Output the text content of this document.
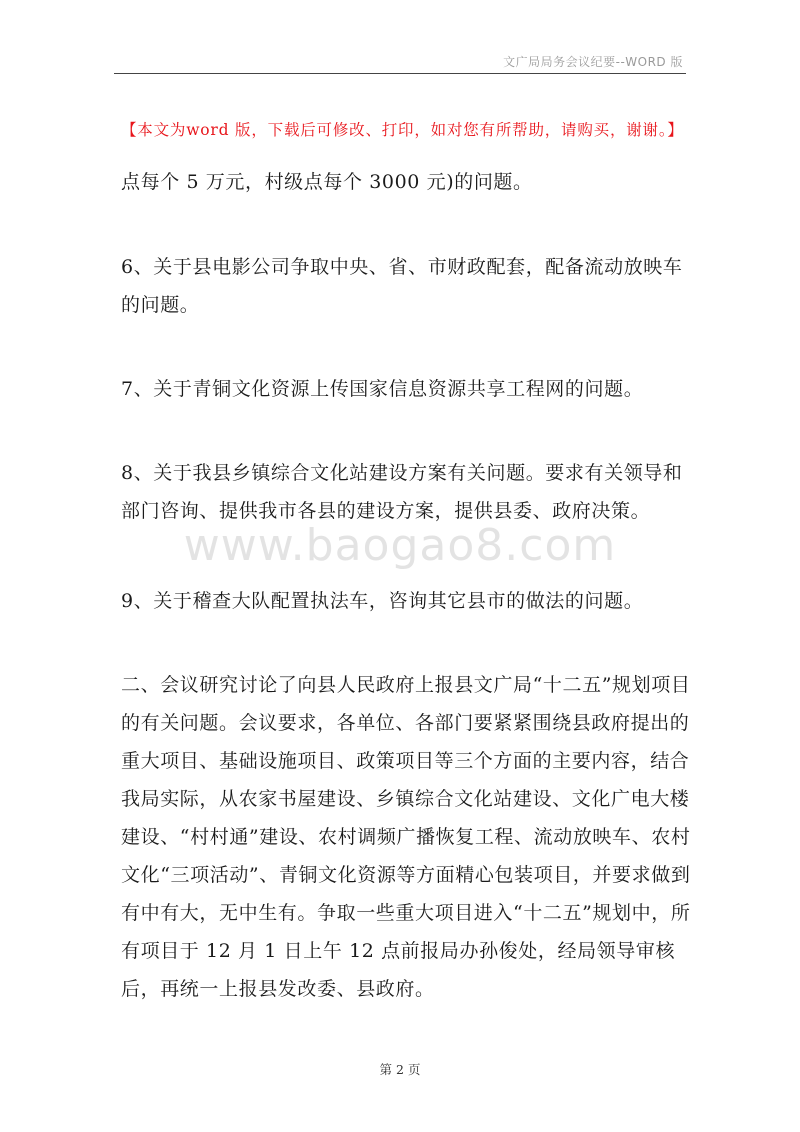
文广局局务会议纪要--WORD 版
【本文为word 版，下载后可修改、打印，如对您有所帮助，请购买，谢谢。】
www.baogao8.com
点每个 5 万元，村级点每个 3000 元)的问题。
6、关于县电影公司争取中央、省、市财政配套，配备流动放映车的问题。
7、关于青铜文化资源上传国家信息资源共享工程网的问题。
8、关于我县乡镇综合文化站建设方案有关问题。要求有关领导和部门咨询、提供我市各县的建设方案，提供县委、政府决策。
9、关于稽查大队配置执法车，咨询其它县市的做法的问题。
二、会议研究讨论了向县人民政府上报县文广局“十二五”规划项目的有关问题。会议要求，各单位、各部门要紧紧围绕县政府提出的重大项目、基础设施项目、政策项目等三个方面的主要内容，结合我局实际，从农家书屋建设、乡镇综合文化站建设、文化广电大楼建设、“村村通”建设、农村调频广播恢复工程、流动放映车、农村文化“三项活动”、青铜文化资源等方面精心包装项目，并要求做到有中有大，无中生有。争取一些重大项目进入“十二五”规划中，所有项目于 12 月 1 日上午 12 点前报局办孙俊处，经局领导审核后，再统一上报县发改委、县政府。
第 2 页
